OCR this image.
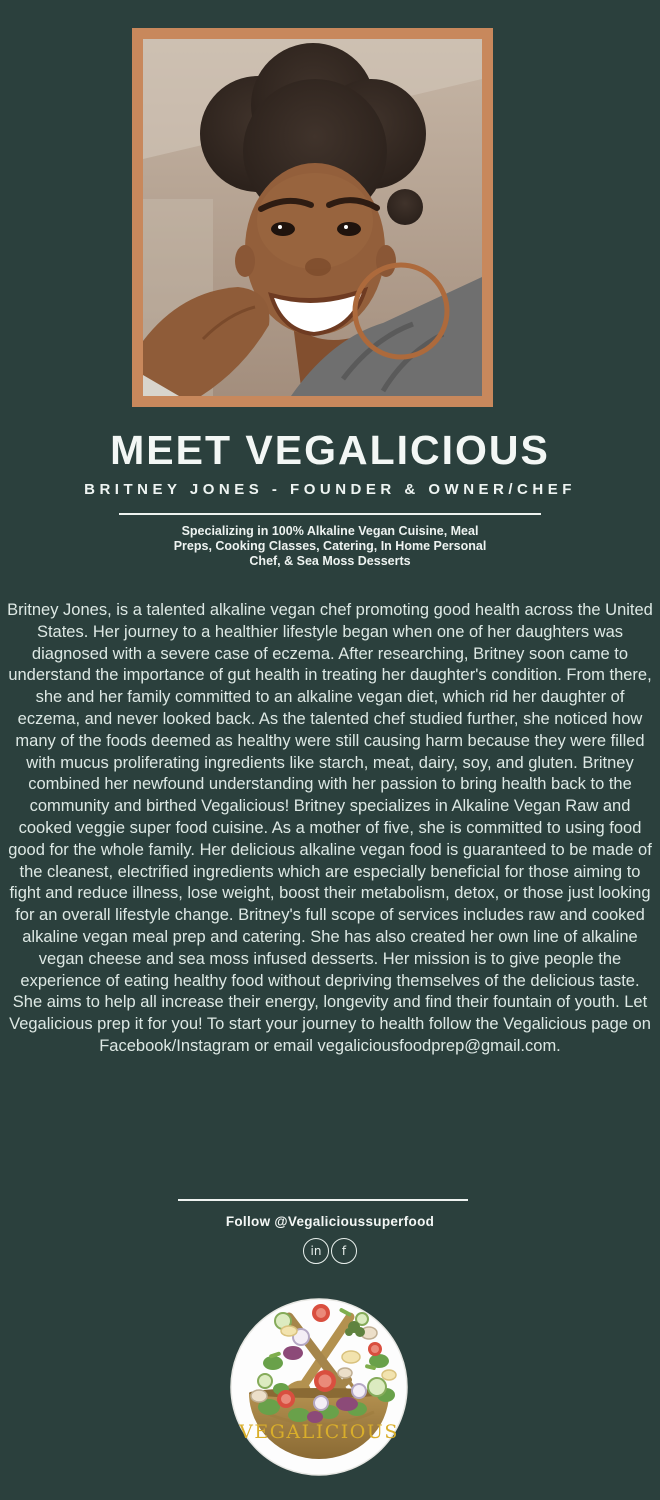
MEET VEGALICIOUS
BRITNEY JONES - FOUNDER & OWNER/CHEF

Specializing in 100% Alkaline Vegan Cuisine, Meal Preps, Cooking Classes, Catering, In Home Personal Chef, & Sea Moss Desserts

Britney Jones, is a talented alkaline vegan chef promoting good health across the United States. Her journey to a healthier lifestyle began when one of her daughters was diagnosed with a severe case of eczema. After researching, Britney soon came to understand the importance of gut health in treating her daughter's condition. From there, she and her family committed to an alkaline vegan diet, which rid her daughter of eczema, and never looked back. As the talented chef studied further, she noticed how many of the foods deemed as healthy were still causing harm because they were filled with mucus proliferating ingredients like starch, meat, dairy, soy, and gluten. Britney combined her newfound understanding with her passion to bring health back to the community and birthed Vegalicious! Britney specializes in Alkaline Vegan Raw and cooked veggie super food cuisine. As a mother of five, she is committed to using food good for the whole family. Her delicious alkaline vegan food is guaranteed to be made of the cleanest, electrified ingredients which are especially beneficial for those aiming to fight and reduce illness, lose weight, boost their metabolism, detox, or those just looking for an overall lifestyle change. Britney's full scope of services includes raw and cooked alkaline vegan meal prep and catering. She has also created her own line of alkaline vegan cheese and sea moss infused desserts. Her mission is to give people the experience of eating healthy food without depriving themselves of the delicious taste. She aims to help all increase their energy, longevity and find their fountain of youth. Let Vegalicious prep it for you! To start your journey to health follow the Vegalicious page on Facebook/Instagram or email vegaliciousfoodprep@gmail.com.

Follow @Vegalicioussuperfood
in	f
VEGALICIOUS
